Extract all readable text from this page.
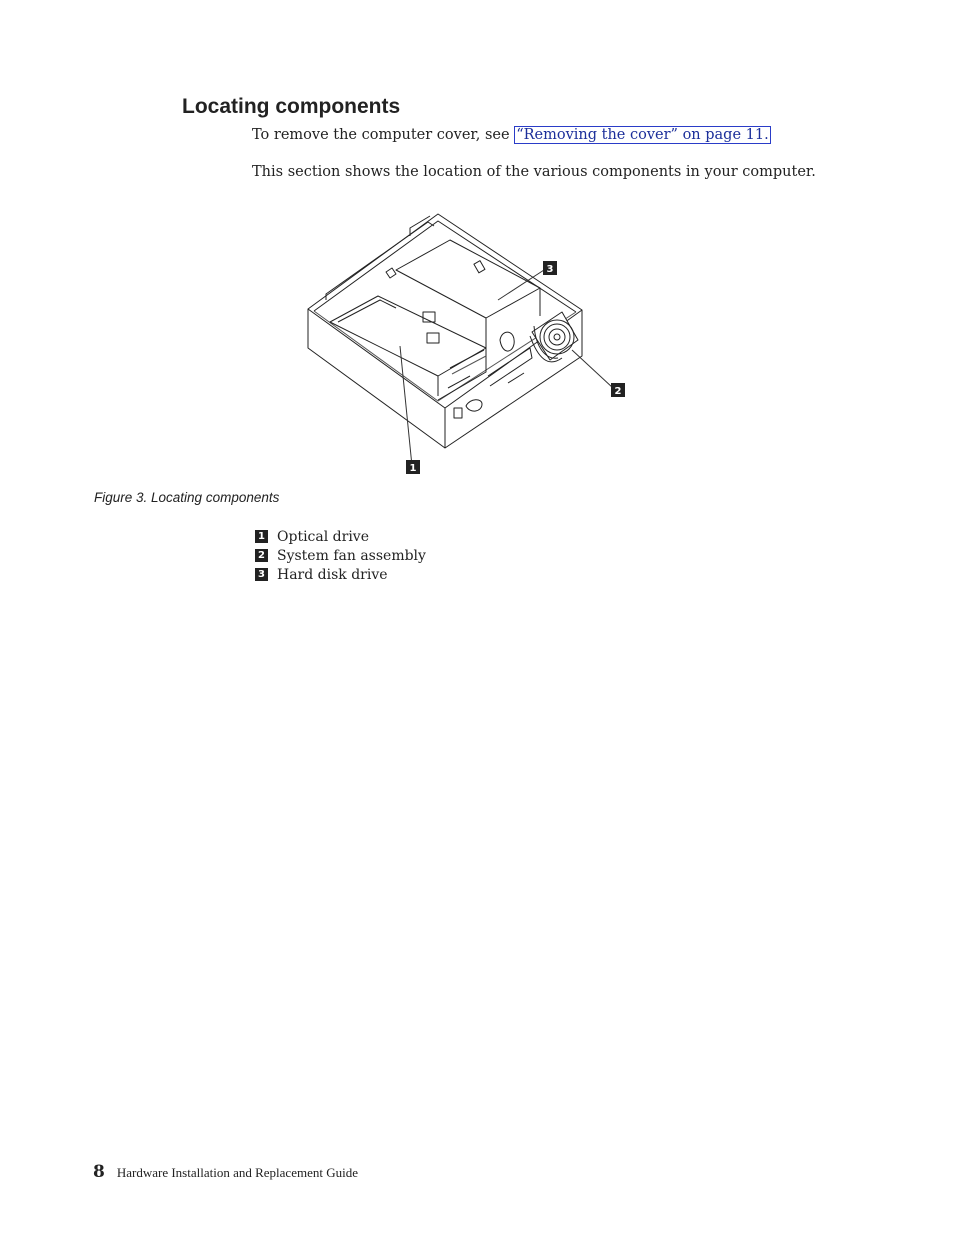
Locating components

To remove the computer cover, see “Removing the cover” on page 11.

This section shows the location of the various components in your computer.

1
2
3

Figure 3. Locating components

1 Optical drive
2 System fan assembly
3 Hard disk drive
8 Hardware Installation and Replacement Guide
